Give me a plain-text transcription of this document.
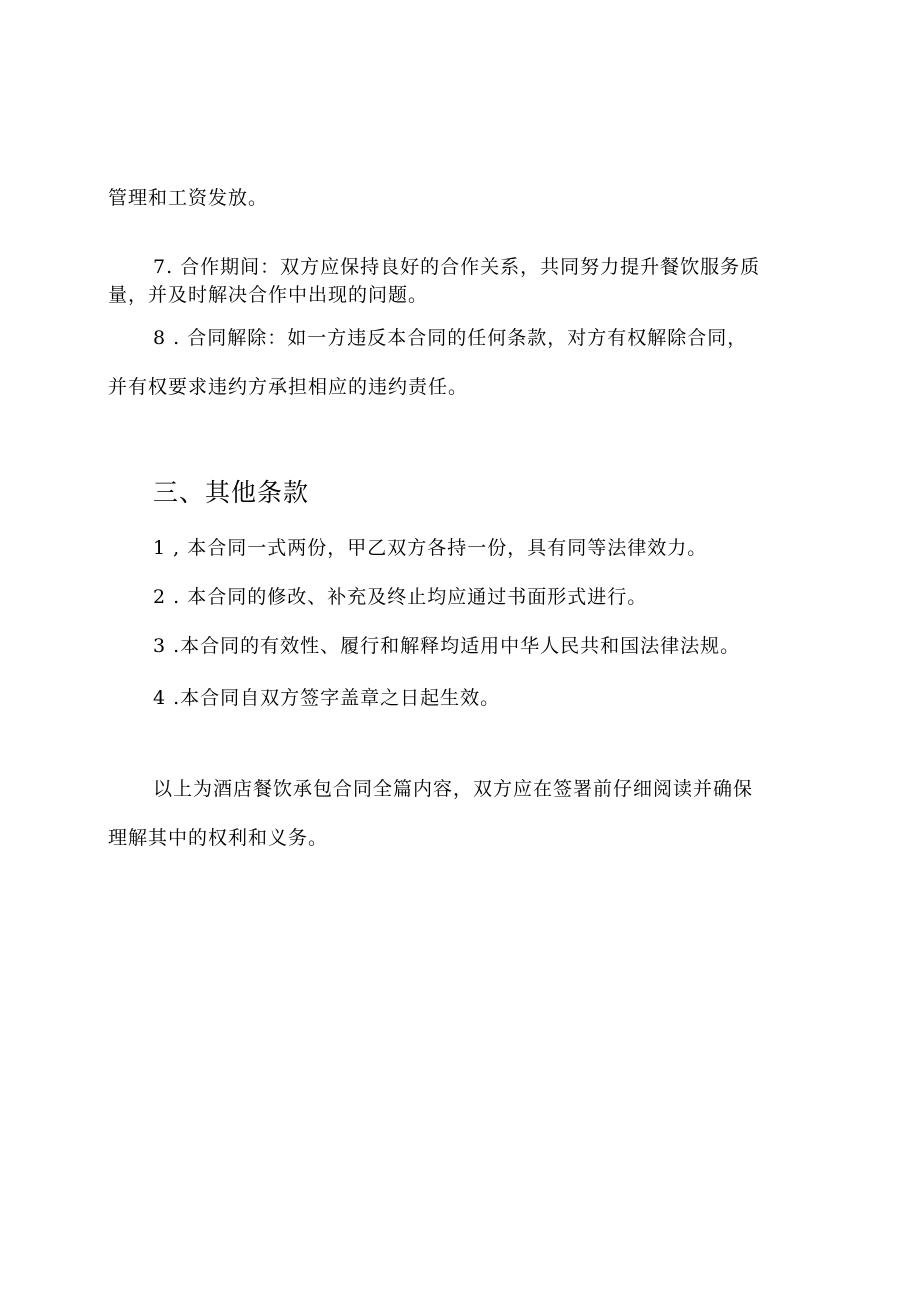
管理和工资发放。
7. 合作期间：双方应保持良好的合作关系，共同努力提升餐饮服务质
量，并及时解决合作中出现的问题。
8 . 合同解除：如一方违反本合同的任何条款，对方有权解除合同，
并有权要求违约方承担相应的违约责任。
三、其他条款
1 , 本合同一式两份，甲乙双方各持一份，具有同等法律效力。
2 . 本合同的修改、补充及终止均应通过书面形式进行。
3 .本合同的有效性、履行和解释均适用中华人民共和国法律法规。
4 .本合同自双方签字盖章之日起生效。
以上为酒店餐饮承包合同全篇内容，双方应在签署前仔细阅读并确保
理解其中的权利和义务。
